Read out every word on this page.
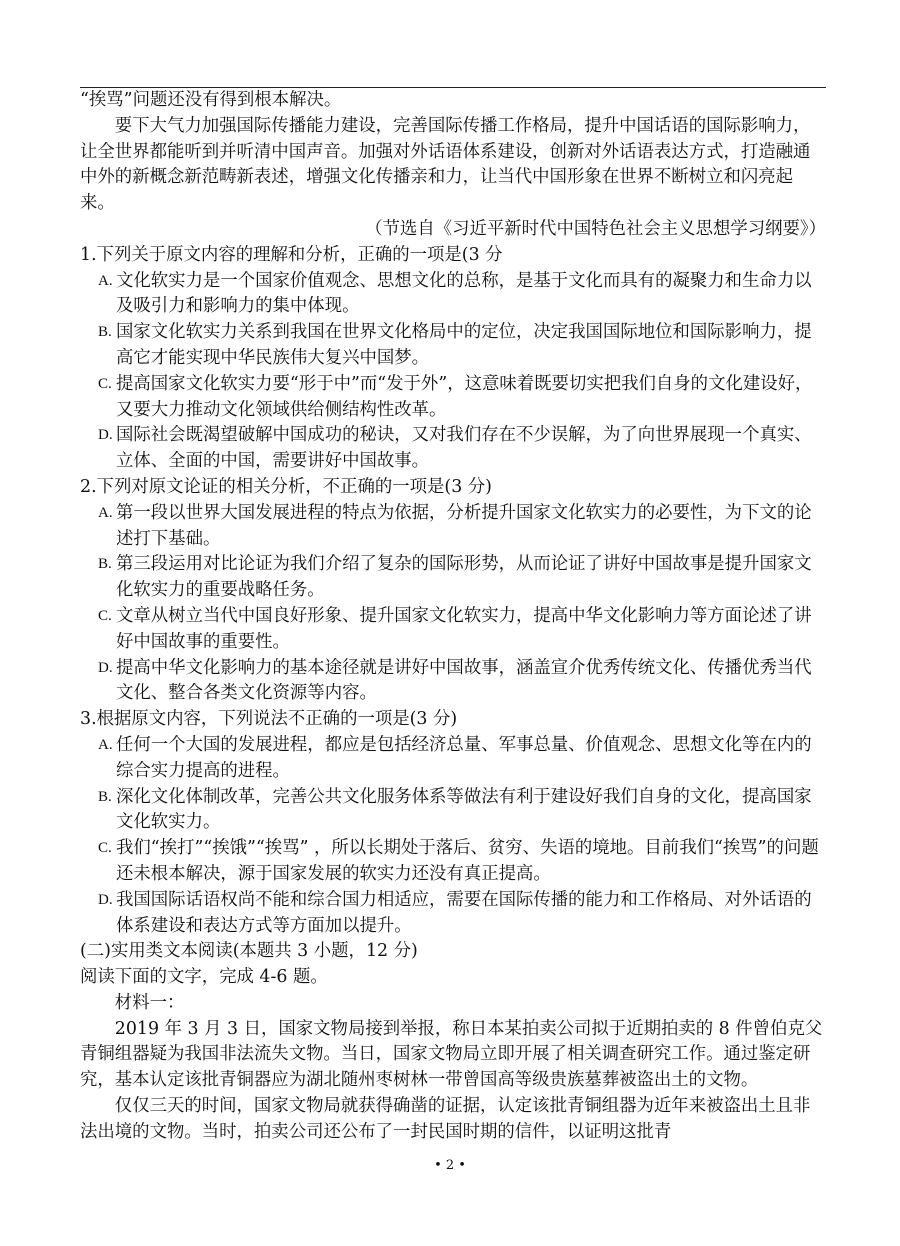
“挨骂”问题还没有得到根本解决。

要下大气力加强国际传播能力建设，完善国际传播工作格局，提升中国话语的国际影响力，让全世界都能听到并听清中国声音。加强对外话语体系建设，创新对外话语表达方式，打造融通中外的新概念新范畴新表述，增强文化传播亲和力，让当代中国形象在世界不断树立和闪亮起来。

（节选自《习近平新时代中国特色社会主义思想学习纲要》）

1.下列关于原文内容的理解和分析，正确的一项是(3 分

A. 文化软实力是一个国家价值观念、思想文化的总称，是基于文化而具有的凝聚力和生命力以及吸引力和影响力的集中体现。
B. 国家文化软实力关系到我国在世界文化格局中的定位，决定我国国际地位和国际影响力，提高它才能实现中华民族伟大复兴中国梦。
C. 提高国家文化软实力要“形于中”而“发于外”，这意味着既要切实把我们自身的文化建设好，又要大力推动文化领域供给侧结构性改革。
D. 国际社会既渴望破解中国成功的秘诀，又对我们存在不少误解，为了向世界展现一个真实、立体、全面的中国，需要讲好中国故事。

2.下列对原文论证的相关分析，不正确的一项是(3 分)

A. 第一段以世界大国发展进程的特点为依据，分析提升国家文化软实力的必要性，为下文的论述打下基础。
B. 第三段运用对比论证为我们介绍了复杂的国际形势，从而论证了讲好中国故事是提升国家文化软实力的重要战略任务。
C. 文章从树立当代中国良好形象、提升国家文化软实力，提高中华文化影响力等方面论述了讲好中国故事的重要性。
D. 提高中华文化影响力的基本途径就是讲好中国故事，涵盖宣介优秀传统文化、传播优秀当代文化、整合各类文化资源等内容。

3.根据原文内容，下列说法不正确的一项是(3 分)

A. 任何一个大国的发展进程，都应是包括经济总量、军事总量、价值观念、思想文化等在内的综合实力提高的进程。
B. 深化文化体制改革，完善公共文化服务体系等做法有利于建设好我们自身的文化，提高国家文化软实力。
C. 我们“挨打”“挨饿”“挨骂” ，所以长期处于落后、贫穷、失语的境地。目前我们“挨骂”的问题还未根本解决，源于国家发展的软实力还没有真正提高。
D. 我国国际话语权尚不能和综合国力相适应，需要在国际传播的能力和工作格局、对外话语的体系建设和表达方式等方面加以提升。

(二)实用类文本阅读(本题共 3 小题，12 分)

阅读下面的文字，完成 4-6 题。

材料一：

2019 年 3 月 3 日，国家文物局接到举报，称日本某拍卖公司拟于近期拍卖的 8 件曾伯克父青铜组器疑为我国非法流失文物。当日，国家文物局立即开展了相关调查研究工作。通过鉴定研究，基本认定该批青铜器应为湖北随州枣树林一带曾国高等级贵族墓葬被盗出土的文物。

仅仅三天的时间，国家文物局就获得确凿的证据，认定该批青铜组器为近年来被盗出土且非法出境的文物。当时，拍卖公司还公布了一封民国时期的信件，以证明这批青

• 2 •
